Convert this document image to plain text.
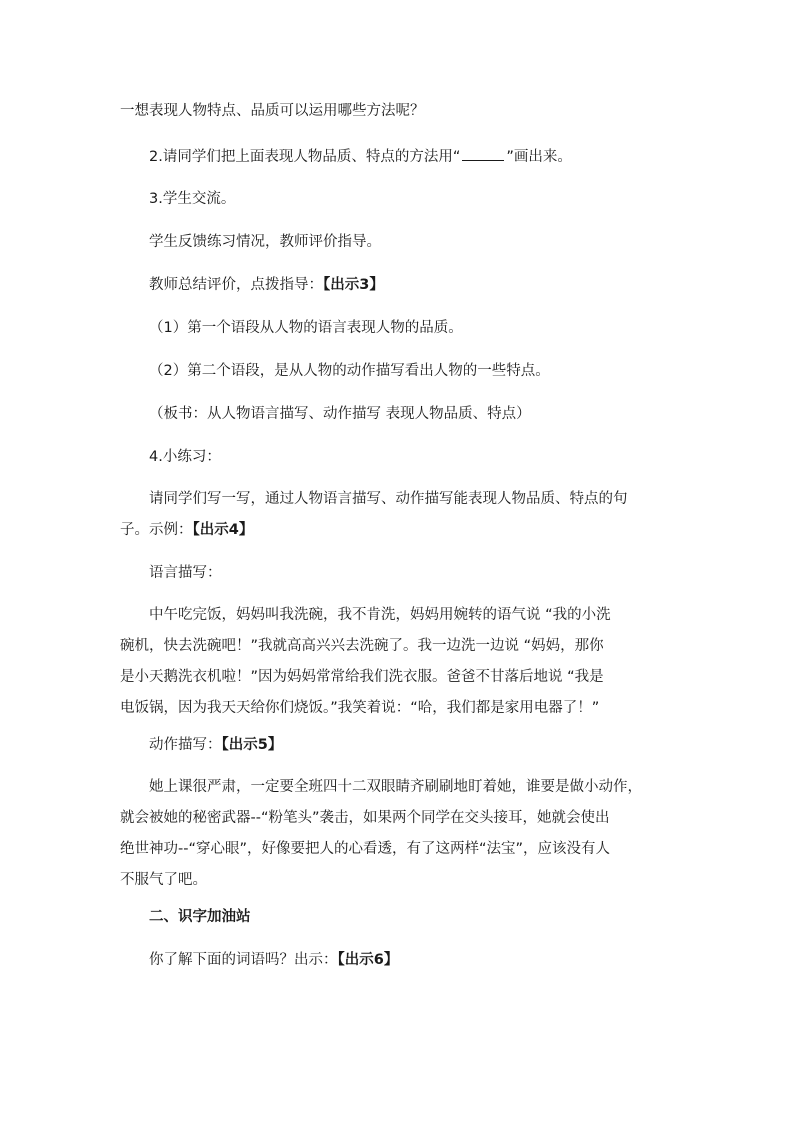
一想表现人物特点、品质可以运用哪些方法呢？
2.请同学们把上面表现人物品质、特点的方法用“	”画出来。
3.学生交流。
学生反馈练习情况，教师评价指导。
教师总结评价，点拨指导：【出示3】
（1）第一个语段从人物的语言表现人物的品质。
（2）第二个语段，是从人物的动作描写看出人物的一些特点。
（板书：从人物语言描写、动作描写 表现人物品质、特点）
4.小练习：
请同学们写一写，通过人物语言描写、动作描写能表现人物品质、特点的句
子。示例：【出示4】
语言描写：
中午吃完饭，妈妈叫我洗碗，我不肯洗，妈妈用婉转的语气说 “我的小洗
碗机，快去洗碗吧！”我就高高兴兴去洗碗了。我一边洗一边说 “妈妈，那你
是小天鹅洗衣机啦！”因为妈妈常常给我们洗衣服。爸爸不甘落后地说 “我是
电饭锅，因为我天天给你们烧饭。”我笑着说：“哈，我们都是家用电器了！”
动作描写：【出示5】
她上课很严肃，一定要全班四十二双眼睛齐刷刷地盯着她，谁要是做小动作，
就会被她的秘密武器--“粉笔头”袭击，如果两个同学在交头接耳，她就会使出
绝世神功--“穿心眼”，好像要把人的心看透，有了这两样“法宝”，应该没有人
不服气了吧。
二、识字加油站
你了解下面的词语吗？出示：【出示6】
